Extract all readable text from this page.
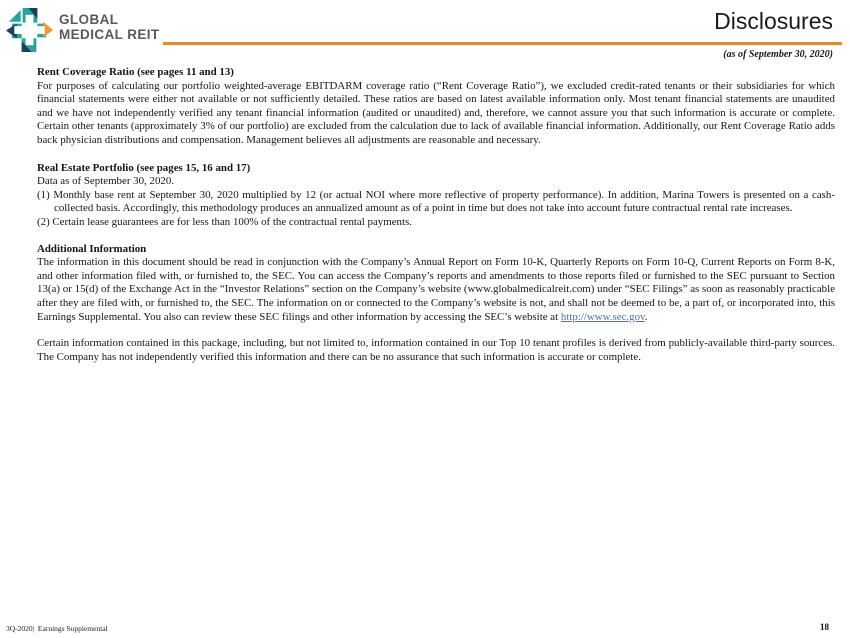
GLOBAL
MEDICAL REIT
Disclosures
(as of September 30, 2020)

Rent Coverage Ratio (see pages 11 and 13)

For purposes of calculating our portfolio weighted-average EBITDARM coverage ratio (“Rent Coverage Ratio”), we excluded credit-rated tenants or their subsidiaries for which financial statements were either not available or not sufficiently detailed. These ratios are based on latest available information only. Most tenant financial statements are unaudited and we have not independently verified any tenant financial information (audited or unaudited) and, therefore, we cannot assure you that such information is accurate or complete. Certain other tenants (approximately 3% of our portfolio) are excluded from the calculation due to lack of available financial information. Additionally, our Rent Coverage Ratio adds back physician distributions and compensation. Management believes all adjustments are reasonable and necessary.

Real Estate Portfolio (see pages 15, 16 and 17)

Data as of September 30, 2020.

(1) Monthly base rent at September 30, 2020 multiplied by 12 (or actual NOI where more reflective of property performance). In addition, Marina Towers is presented on a cash-collected basis. Accordingly, this methodology produces an annualized amount as of a point in time but does not take into account future contractual rental rate increases.

(2) Certain lease guarantees are for less than 100% of the contractual rental payments.

Additional Information

The information in this document should be read in conjunction with the Company’s Annual Report on Form 10-K, Quarterly Reports on Form 10-Q, Current Reports on Form 8-K, and other information filed with, or furnished to, the SEC. You can access the Company’s reports and amendments to those reports filed or furnished to the SEC pursuant to Section 13(a) or 15(d) of the Exchange Act in the “Investor Relations” section on the Company’s website (www.globalmedicalreit.com) under “SEC Filings” as soon as reasonably practicable after they are filed with, or furnished to, the SEC. The information on or connected to the Company’s website is not, and shall not be deemed to be, a part of, or incorporated into, this Earnings Supplemental. You also can review these SEC filings and other information by accessing the SEC’s website at http://www.sec.gov.

Certain information contained in this package, including, but not limited to, information contained in our Top 10 tenant profiles is derived from publicly-available third-party sources. The Company has not independently verified this information and there can be no assurance that such information is accurate or complete.

3Q-2020|  Earnings Supplemental	18
